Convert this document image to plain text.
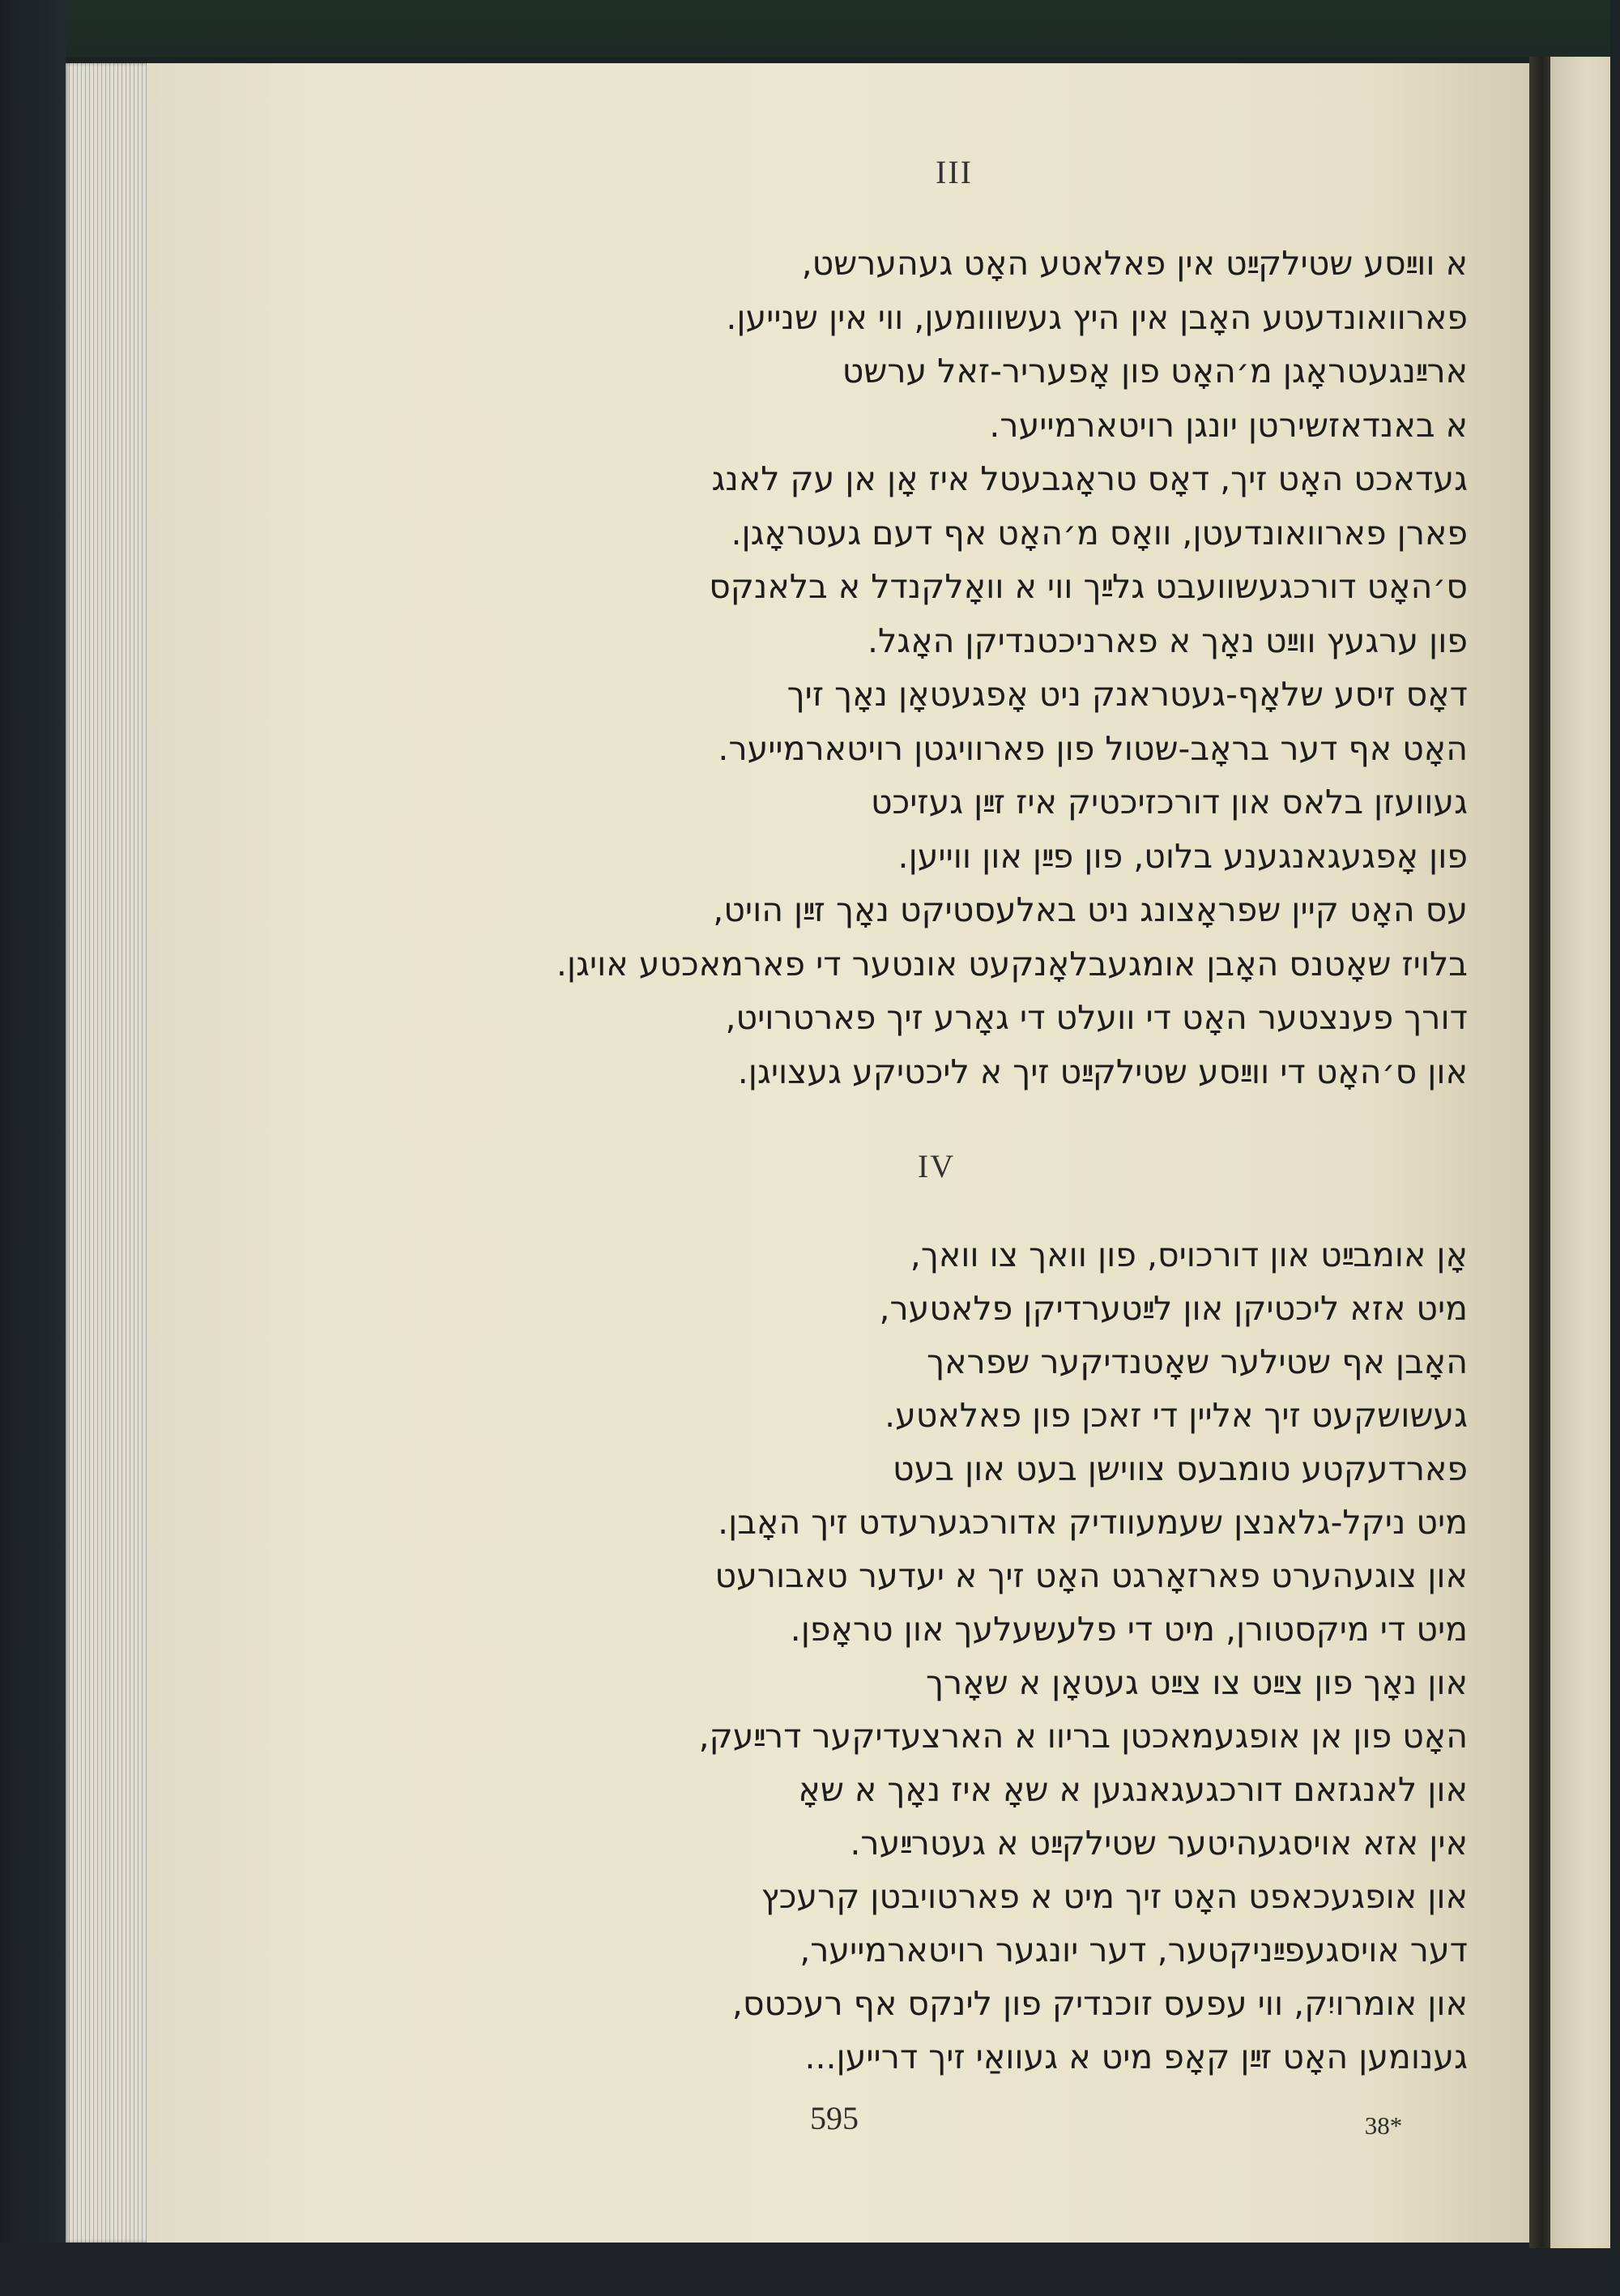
III
א ווײַסע שטילקײַט אין פאלאטע האָט געהערשט,
פארוואונדעטע האָבן אין היץ געשווומען, ווי אין שנייען.
ארײַנגעטראָגן מ׳האָט פון אָפעריר-זאל ערשט
א באנדאזשירטן יונגן רויטארמייער.
געדאכט האָט זיך, דאָס טראָגבעטל איז אָן אן עק לאנג
פארן פארוואונדעטן, וואָס מ׳האָט אף דעם געטראָגן.
ס׳האָט דורכגעשוועבט גלײַך ווי א וואָלקנדל א בלאנקס
פון ערגעץ ווײַט נאָך א פארניכטנדיקן האָגל.
דאָס זיסע שלאָף-געטראנק ניט אָפגעטאָן נאָך זיך
האָט אף דער בראָב-שטול פון פארוויגטן רויטארמייער.
געוועזן בלאס און דורכזיכטיק איז זײַן געזיכט
פון אָפגעגאנגענע בלוט, פון פײַן און ווייען.
עס האָט קיין שפראָצונג ניט באלעסטיקט נאָך זײַן הויט,
בלויז שאָטנס האָבן אומגעבלאָנקעט אונטער די פארמאכטע אויגן.
דורך פענצטער האָט די וועלט די גאָרע זיך פארטרויט,
און ס׳האָט די ווײַסע שטילקײַט זיך א ליכטיקע געצויגן.
IV
אָן אומבײַט און דורכויס, פון וואך צו וואך,
מיט אזא ליכטיקן און לײַטערדיקן פלאטער,
האָבן אף שטילער שאָטנדיקער שפראך
געשושקעט זיך אליין די זאכן פון פאלאטע.
פארדעקטע טומבעס צווישן בעט און בעט
מיט ניקל-גלאנצן שעמעוודיק אדורכגערעדט זיך האָבן.
און צוגעהערט פארזאָרגט האָט זיך א יעדער טאבורעט
מיט די מיקסטורן, מיט די פלעשעלעך און טראָפן.
און נאָך פון צײַט צו צײַט געטאָן א שאָרך
האָט פון אן אופגעמאכטן בריוו א הארצעדיקער דרײַעק,
און לאנגזאם דורכגעגאנגען א שאָ איז נאָך א שאָ
אין אזא אויסגעהיטער שטילקײַט א געטרײַער.
און אופגעכאפט האָט זיך מיט א פארטויבטן קרעכץ
דער אויסגעפײַניקטער, דער יונגער רויטארמייער,
און אומרויִק, ווי עפעס זוכנדיק פון לינקס אף רעכטס,
גענומען האָט זײַן קאָפ מיט א געוואַי זיך דרייען...
595	38*
